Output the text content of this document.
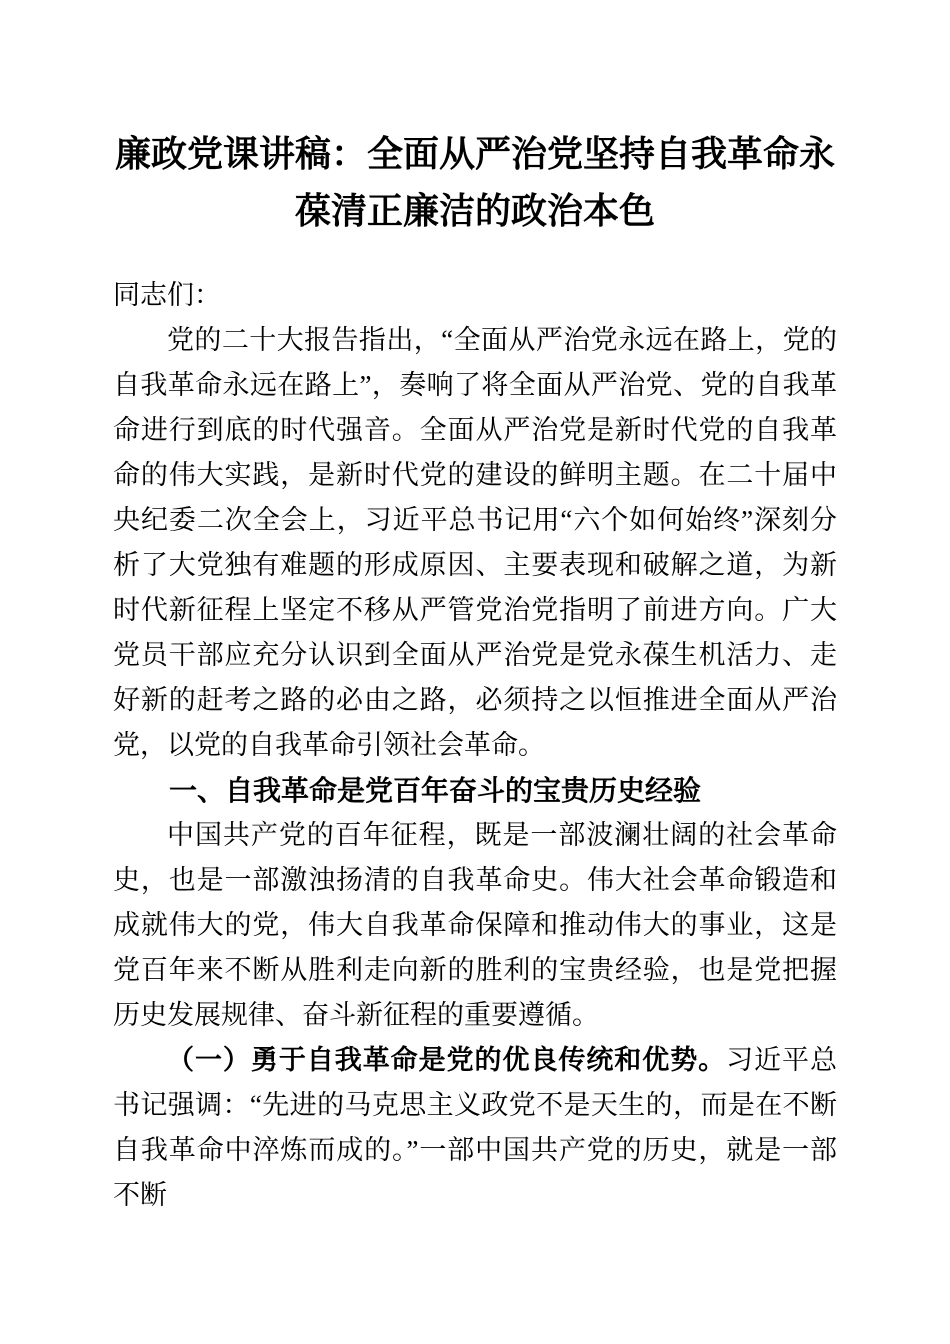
廉政党课讲稿：全面从严治党坚持自我革命永葆清正廉洁的政治本色

同志们：

党的二十大报告指出，“全面从严治党永远在路上，党的自我革命永远在路上”，奏响了将全面从严治党、党的自我革命进行到底的时代强音。全面从严治党是新时代党的自我革命的伟大实践，是新时代党的建设的鲜明主题。在二十届中央纪委二次全会上，习近平总书记用“六个如何始终”深刻分析了大党独有难题的形成原因、主要表现和破解之道，为新时代新征程上坚定不移从严管党治党指明了前进方向。广大党员干部应充分认识到全面从严治党是党永葆生机活力、走好新的赶考之路的必由之路，必须持之以恒推进全面从严治党，以党的自我革命引领社会革命。

一、自我革命是党百年奋斗的宝贵历史经验

中国共产党的百年征程，既是一部波澜壮阔的社会革命史，也是一部激浊扬清的自我革命史。伟大社会革命锻造和成就伟大的党，伟大自我革命保障和推动伟大的事业，这是党百年来不断从胜利走向新的胜利的宝贵经验，也是党把握历史发展规律、奋斗新征程的重要遵循。

（一）勇于自我革命是党的优良传统和优势。习近平总书记强调：“先进的马克思主义政党不是天生的，而是在不断自我革命中淬炼而成的。”一部中国共产党的历史，就是一部不断
